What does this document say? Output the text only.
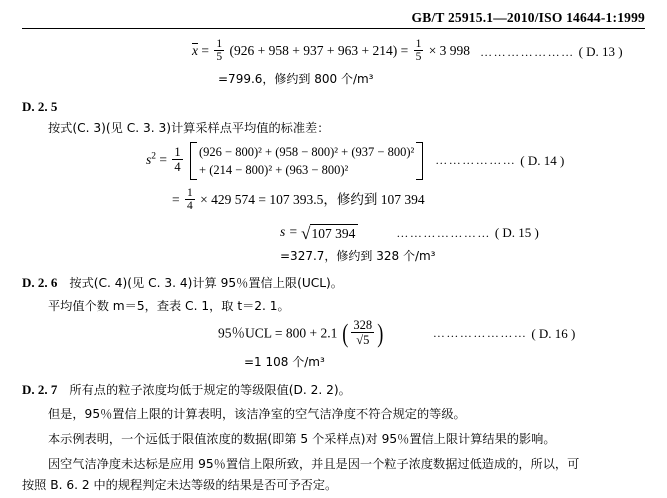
GB/T 25915.1—2010/ISO 14644-1:1999
$x = \frac{1}{5} (926 + 958 + 937 + 963 + 214) = \frac{1}{5} \times 3$ 998 ………………… ( D. 13 )
=799.6，修约到 800 个/m³
D. 2. 5
按式(C. 3)(见 C. 3. 3)计算采样点平均值的标准差：
$s^2 = \frac{1}{4}$
(926 − 800)² + (958 − 800)² + (937 − 800)²
+ (214 − 800)² + (963 − 800)²
……………… ( D. 14 )
= $\frac{1}{4} \times 429$ 574 = 107 393.5，修约到 107 394
s = √ 107 394	………………… ( D. 15 )
=327.7，修约到 328 个/m³
D. 2. 6 按式(C. 4)(见 C. 3. 4)计算 95％置信上限(UCL)。
平均值个数 m＝5，查表 C. 1，取 t＝2. 1。
95％UCL = 800 + 2.1 ( $\frac{328}{√5}$ )	………………… ( D. 16 )
=1 108 个/m³
D. 2. 7 所有点的粒子浓度均低于规定的等级限值(D. 2. 2)。
但是，95％置信上限的计算表明，该洁净室的空气洁净度不符合规定的等级。
本示例表明，一个远低于限值浓度的数据(即第 5 个采样点)对 95％置信上限计算结果的影响。
因空气洁净度未达标是应用 95％置信上限所致，并且是因一个粒子浓度数据过低造成的，所以，可
按照 B. 6. 2 中的规程判定未达等级的结果是否可予否定。
